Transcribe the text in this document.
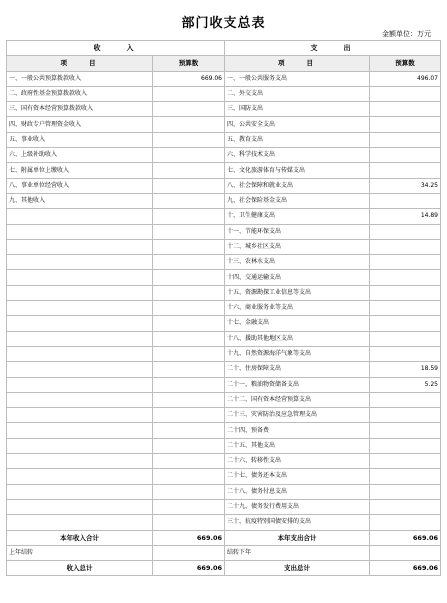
部门收支总表
金额单位：万元
收　　入		支　　出	
项　　目	预算数	项　　目	预算数
一、一般公共预算拨款收入	669.06	一、一般公共服务支出	496.07
二、政府性基金预算拨款收入		二、外交支出	
三、国有资本经营预算拨款收入		三、国防支出	
四、财政专户管理资金收入		四、公共安全支出	
五、事业收入		五、教育支出	
六、上级补助收入		六、科学技术支出	
七、附属单位上缴收入		七、文化旅游体育与传媒支出	
八、事业单位经营收入		八、社会保障和就业支出	34.25
九、其他收入		九、社会保险基金支出	
		十、卫生健康支出	14.89
		十一、节能环保支出	
		十二、城乡社区支出	
		十三、农林水支出	
		十四、交通运输支出	
		十五、资源勘探工业信息等支出	
		十六、商业服务业等支出	
		十七、金融支出	
		十八、援助其他地区支出	
		十九、自然资源海洋气象等支出	
		二十、住房保障支出	18.59
		二十一、粮油物资储备支出	5.25
		二十二、国有资本经营预算支出	
		二十三、灾害防治及应急管理支出	
		二十四、预备费	
		二十五、其他支出	
		二十六、转移性支出	
		二十七、债务还本支出	
		二十八、债务付息支出	
		二十九、债务发行费用支出	
		三十、抗疫特别国债安排的支出	
本年收入合计	669.06	本年支出合计	669.06
上年结转		结转下年	
收入总计	669.06	支出总计	669.06
